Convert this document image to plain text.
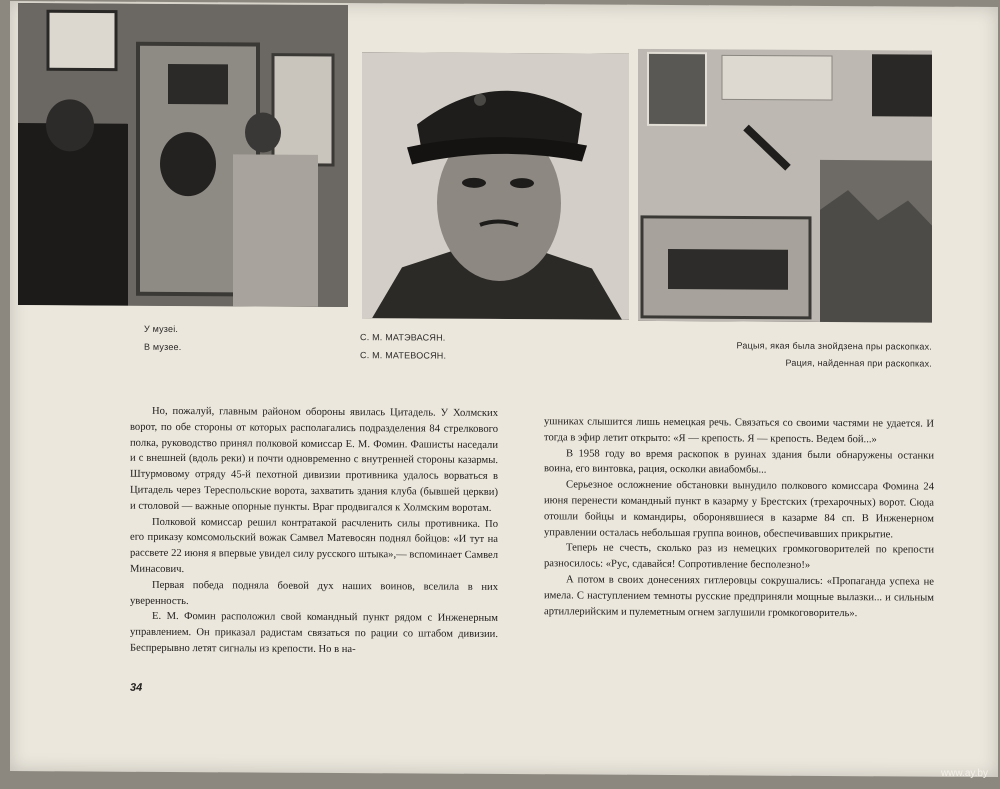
У музеі.
В музее.
С. М. МАТЭВАСЯН.
С. М. МАТЕВОСЯН.
Рацыя, якая была знойдзена пры раскопках.
Рация, найденная при раскопках.

Но, пожалуй, главным районом обороны явилась Цитадель. У Холмских ворот, по обе стороны от которых располагались подразделения 84 стрелкового полка, руководство принял полковой комиссар Е. М. Фомин. Фашисты наседали и с внешней (вдоль реки) и почти одновременно с внутренней стороны казармы. Штурмовому отряду 45-й пехотной дивизии противника удалось ворваться в Цитадель через Тереспольские ворота, захватить здания клуба (бывшей церкви) и столовой — важные опорные пункты. Враг продвигался к Холмским воротам.

Полковой комиссар решил контратакой расчленить силы противника. По его приказу комсомольский вожак Самвел Матевосян поднял бойцов: «И тут на рассвете 22 июня я впервые увидел силу русского штыка»,— вспоминает Самвел Минасович.

Первая победа подняла боевой дух наших воинов, вселила в них уверенность.

Е. М. Фомин расположил свой командный пункт рядом с Инженерным управлением. Он приказал радистам связаться по рации со штабом дивизии. Беспрерывно летят сигналы из крепости. Но в на-

ушниках слышится лишь немецкая речь. Связаться со своими частями не удается. И тогда в эфир летит открыто: «Я — крепость. Я — крепость. Ведем бой...»

В 1958 году во время раскопок в руинах здания были обнаружены останки воина, его винтовка, рация, осколки авиабомбы...

Серьезное осложнение обстановки вынудило полкового комиссара Фомина 24 июня перенести командный пункт в казарму у Брестских (трехарочных) ворот. Сюда отошли бойцы и командиры, оборонявшиеся в казарме 84 сп. В Инженерном управлении осталась небольшая группа воинов, обеспечивавших прикрытие.

Теперь не счесть, сколько раз из немецких громкоговорителей по крепости разносилось: «Рус, сдавайся! Сопротивление бесполезно!»

А потом в своих донесениях гитлеровцы сокрушались: «Пропаганда успеха не имела. С наступлением темноты русские предприняли мощные вылазки... и сильным артиллерийским и пулеметным огнем заглушили громкоговоритель».

34
www.ay.by
